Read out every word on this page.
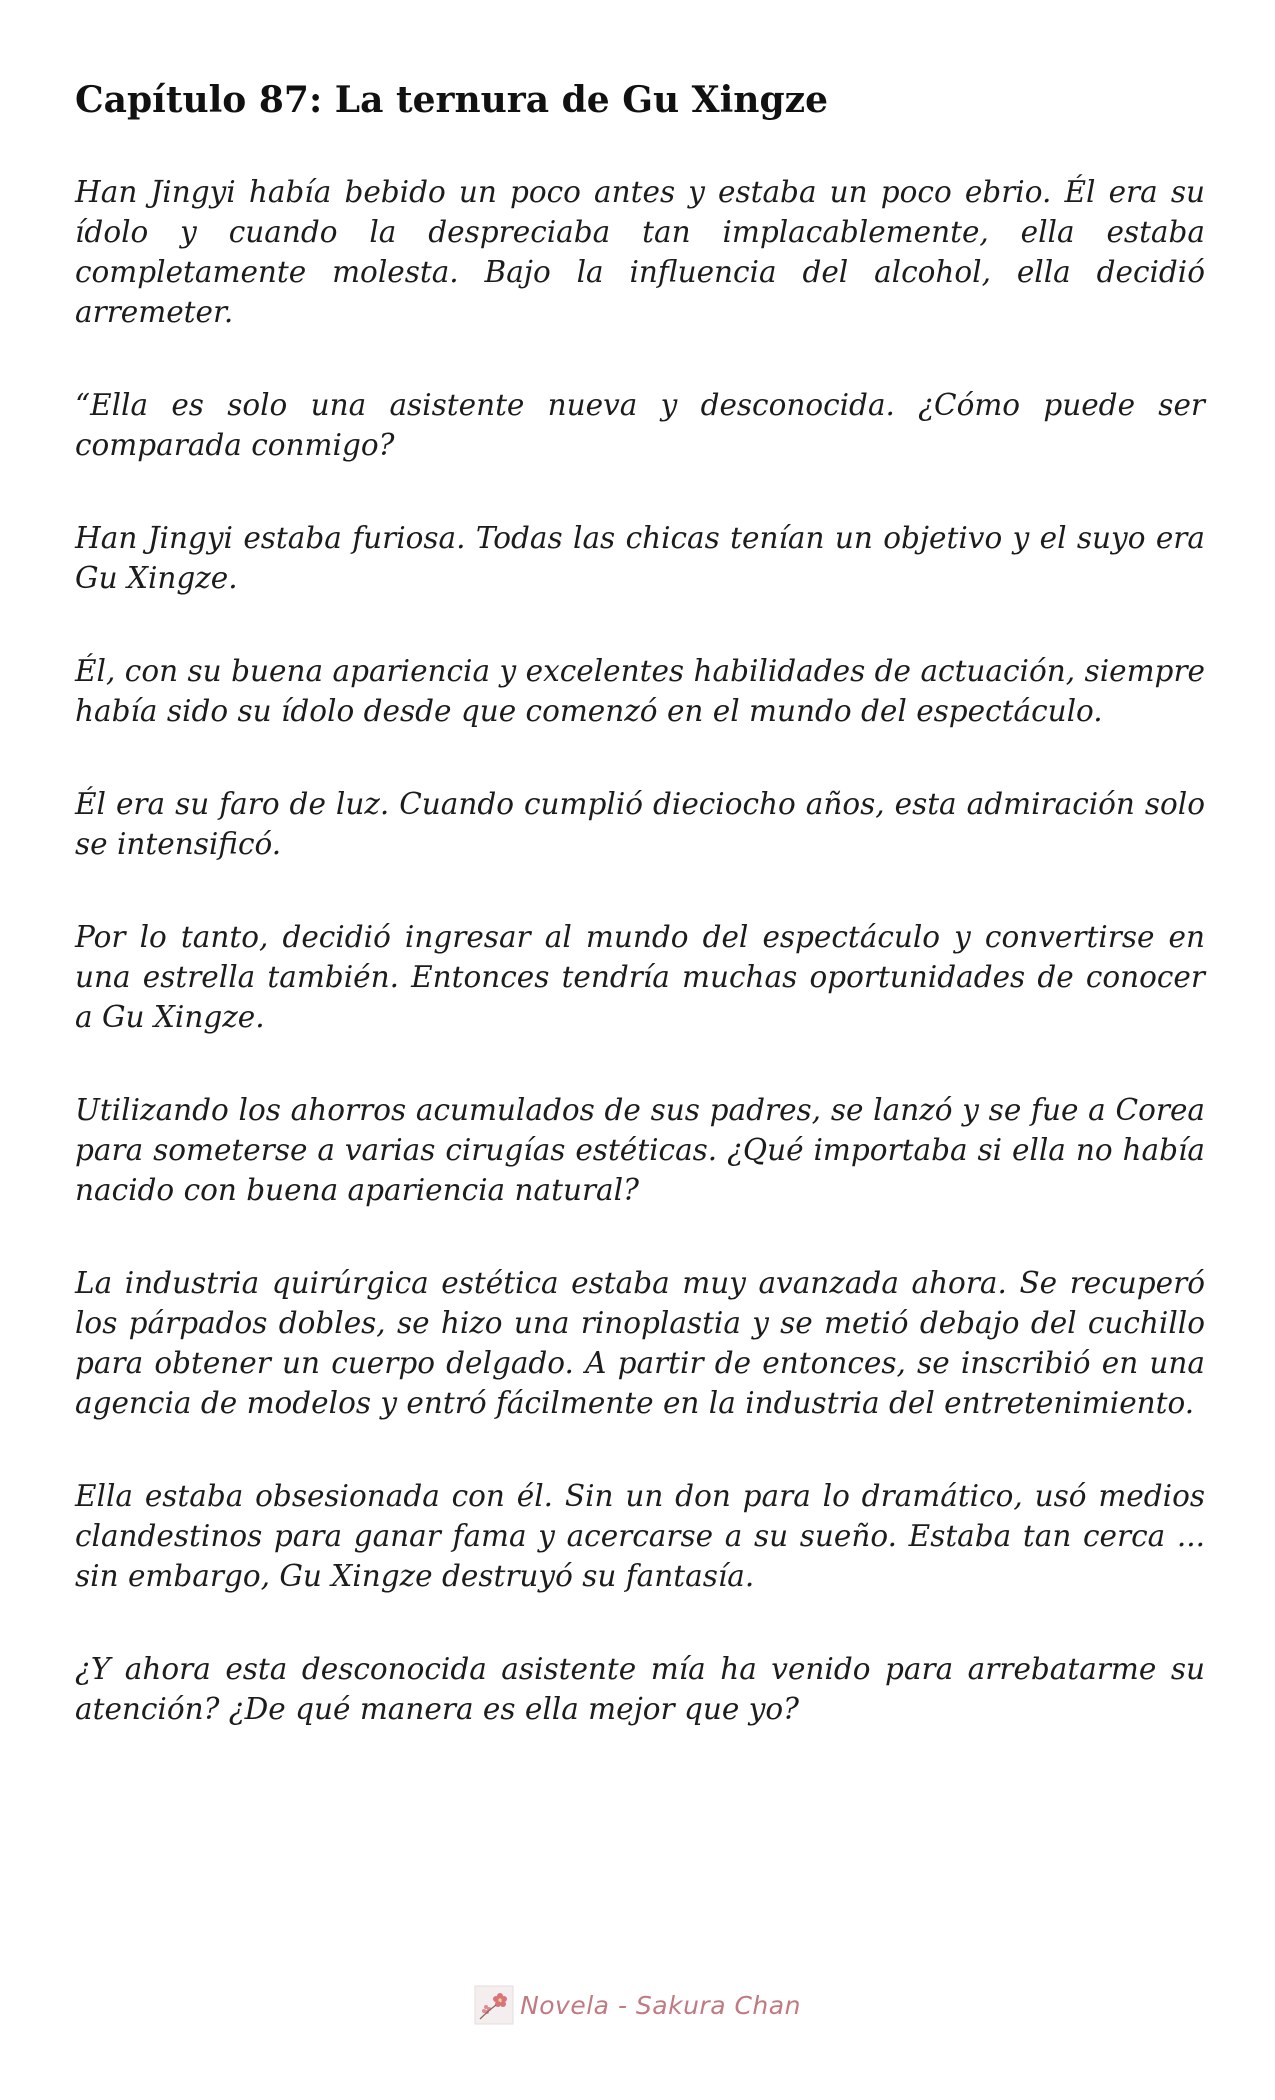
Capítulo 87: La ternura de Gu Xingze

Han Jingyi había bebido un poco antes y estaba un poco ebrio. Él era su ídolo y cuando la despreciaba tan implacablemente, ella estaba completamente molesta. Bajo la influencia del alcohol, ella decidió arremeter.

“Ella es solo una asistente nueva y desconocida. ¿Cómo puede ser comparada conmigo?

Han Jingyi estaba furiosa. Todas las chicas tenían un objetivo y el suyo era Gu Xingze.

Él, con su buena apariencia y excelentes habilidades de actuación, siempre había sido su ídolo desde que comenzó en el mundo del espectáculo.

Él era su faro de luz. Cuando cumplió dieciocho años, esta admiración solo se intensificó.

Por lo tanto, decidió ingresar al mundo del espectáculo y convertirse en una estrella también. Entonces tendría muchas oportunidades de conocer a Gu Xingze.

Utilizando los ahorros acumulados de sus padres, se lanzó y se fue a Corea para someterse a varias cirugías estéticas. ¿Qué importaba si ella no había nacido con buena apariencia natural?

La industria quirúrgica estética estaba muy avanzada ahora. Se recuperó los párpados dobles, se hizo una rinoplastia y se metió debajo del cuchillo para obtener un cuerpo delgado. A partir de entonces, se inscribió en una agencia de modelos y entró fácilmente en la industria del entretenimiento.

Ella estaba obsesionada con él. Sin un don para lo dramático, usó medios clandestinos para ganar fama y acercarse a su sueño. Estaba tan cerca ... sin embargo, Gu Xingze destruyó su fantasía.

¿Y ahora esta desconocida asistente mía ha venido para arrebatarme su atención? ¿De qué manera es ella mejor que yo?

Novela - Sakura Chan
